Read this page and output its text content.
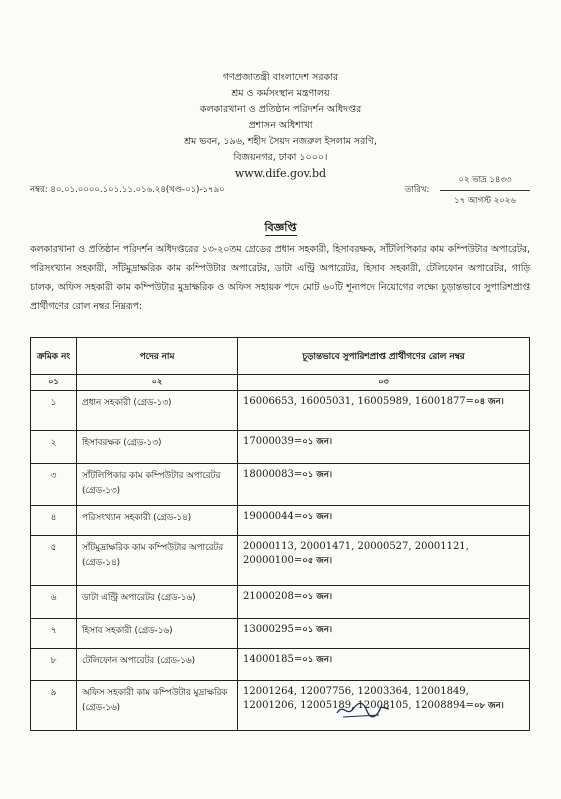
গণপ্রজাতন্ত্রী বাংলাদেশ সরকার
শ্রম ও কর্মসংস্থান মন্ত্রণালয়
কলকারখানা ও প্রতিষ্ঠান পরিদর্শন অধিদপ্তর
প্রশাসন অধিশাখা
শ্রম ভবন, ১৯৬, শহীদ সৈয়দ নজরুল ইসলাম সরণি,
বিজয়নগর, ঢাকা ১০০০।
www.dife.gov.bd
নম্বর: ৪০.০১.০০০০.১০১.১১.০১৬.২৪(খণ্ড-০১)-১৭৯০	তারিখ:
০২ ভাদ্র ১৪৩৩
১৭ আগস্ট ২০২৬
বিজ্ঞপ্তি
কলকারখানা ও প্রতিষ্ঠান পরিদর্শন অধিদপ্তরের ১৩-২০তম গ্রেডের প্রধান সহকারী, হিসাবরক্ষক, সাঁটলিপিকার কাম কম্পিউটার অপারেটর, পরিসংখ্যান সহকারী, সাঁটমুদ্রাক্ষরিক কাম কম্পিউটার অপারেটর, ডাটা এন্ট্রি অপারেটর, হিসাব সহকারী, টেলিফোন অপারেটর, গাড়ি চালক, অফিস সহকারী কাম কম্পিউটার মুদ্রাক্ষরিক ও অফিস সহায়ক পদে মোট ৬০টি শূন্যপদে নিয়োগের লক্ষ্যে চূড়ান্তভাবে সুপারিশপ্রাপ্ত প্রার্থীগণের রোল নম্বর নিম্নরূপ:
ক্রমিক নং	পদের নাম	চূড়ান্তভাবে সুপারিশপ্রাপ্ত প্রার্থীগণের রোল নম্বর
০১	০২	০৩
১	প্রধান সহকারী (গ্রেড-১৩)	16006653, 16005031, 16005989, 16001877=০৪ জন।
২	হিসাবরক্ষক (গ্রেড-১৩)	17000039=০১ জন।
৩	সাঁটলিপিকার কাম কম্পিউটার অপারেটর (গ্রেড-১৩)	18000083=০১ জন।
৪	পরিসংখ্যান সহকারী (গ্রেড-১৪)	19000044=০১ জন।
৫	সাঁটমুদ্রাক্ষরিক কাম কম্পিউটার অপারেটর (গ্রেড-১৪)	20000113, 20001471, 20000527, 20001121, 20000100=০৫ জন।
৬	ডাটা এন্ট্রি অপারেটর (গ্রেড-১৬)	21000208=০১ জন।
৭	হিসাব সহকারী (গ্রেড-১৬)	13000295=০১ জন।
৮	টেলিফোন অপারেটর (গ্রেড-১৬)	14000185=০১ জন।
৯	অফিস সহকারী কাম কম্পিউটার মুদ্রাক্ষরিক (গ্রেড-১৬)	12001264, 12007756, 12003364, 12001849, 12001206, 12005189, 12008105, 12008894=০৮ জন।
